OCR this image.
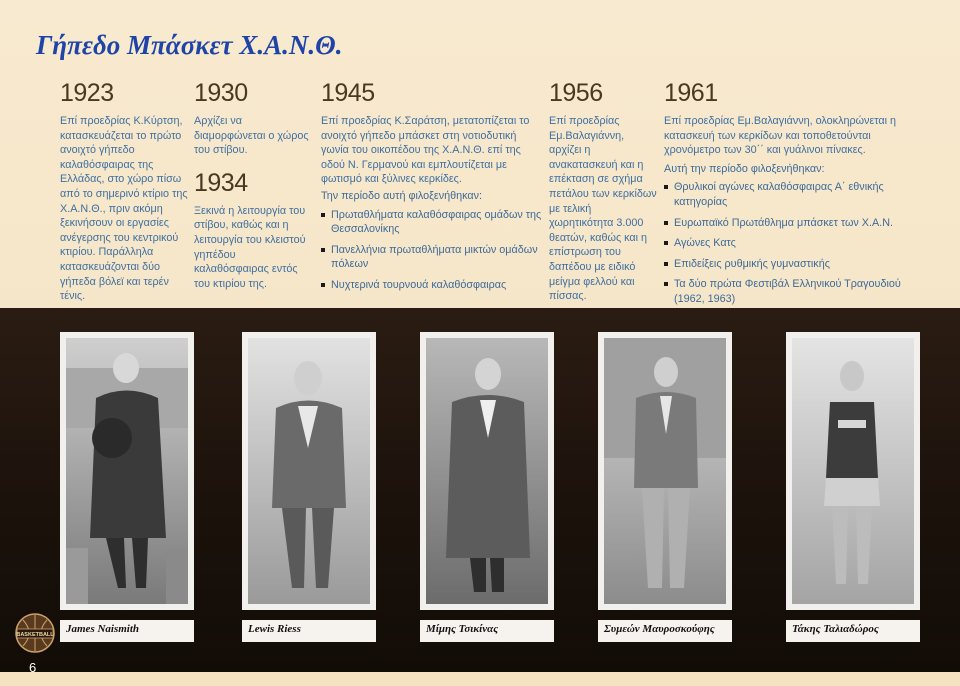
Γήπεδο Μπάσκετ Χ.Α.Ν.Θ.

1923

Επί προεδρίας Κ.Κύρτση, κατασκευάζεται το πρώτο ανοιχτό γήπεδο καλαθόσφαιρας της Ελλάδας, στο χώρο πίσω από το σημερινό κτίριο της Χ.Α.Ν.Θ., πριν ακόμη ξεκινήσουν οι εργασίες ανέγερσης του κεντρικού κτιρίου. Παράλληλα κατασκευάζονται δύο γήπεδα βόλεϊ και τερέν τένις.

1930

Αρχίζει να διαμορφώνεται ο χώρος του στίβου.

1934

Ξεκινά η λειτουργία του στίβου, καθώς και η λειτουργία του κλειστού γηπέδου καλαθόσφαιρας εντός του κτιρίου της.

1945

Επί προεδρίας Κ.Σαράτση, μετατοπίζεται το ανοιχτό γήπεδο μπάσκετ στη νοτιοδυτική γωνία του οικοπέδου της Χ.Α.Ν.Θ. επί της οδού Ν. Γερμανού και εμπλουτίζεται με φωτισμό και ξύλινες κερκίδες.

Την περίοδο αυτή φιλοξενήθηκαν:

Πρωταθλήματα καλαθόσφαιρας ομάδων της Θεσσαλονίκης
Πανελλήνια πρωταθλήματα μικτών ομάδων πόλεων
Νυχτερινά τουρνουά καλαθόσφαιρας

1956

Επί προεδρίας Εμ.Βαλαγιάννη, αρχίζει η ανακατασκευή και η επέκταση σε σχήμα πετάλου των κερκίδων με τελική χωρητικότητα 3.000 θεατών, καθώς και η επίστρωση του δαπέδου με ειδικό μείγμα φελλού και πίσσας.

1961

Επί προεδρίας Εμ.Βαλαγιάννη, ολοκληρώνεται η κατασκευή των κερκίδων και τοποθετούνται χρονόμετρο των 30΄΄ και γυάλινοι πίνακες.

Αυτή την περίοδο φιλοξενήθηκαν:

Θρυλικοί αγώνες καλαθόσφαιρας Α΄ εθνικής κατηγορίας
Ευρωπαϊκό Πρωτάθλημα μπάσκετ των Χ.Α.Ν.
Αγώνες Κατς
Επιδείξεις ρυθμικής γυμναστικής
Τα δύο πρώτα Φεστιβάλ Ελληνικού Τραγουδιού (1962, 1963)
James Naismith	Lewis Riess	Μίμης Τσικίνας	Συμεών Μαυροσκούφης	Τάκης Ταλιαδώρος
BASKETBALL

6
